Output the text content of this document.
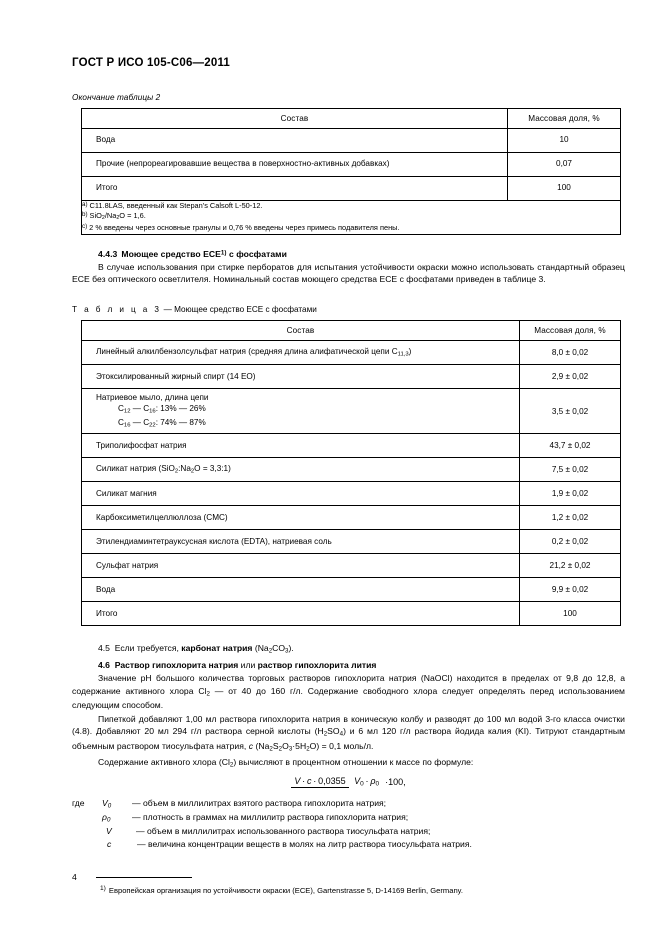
ГОСТ Р ИСО 105-C06—2011
Окончание таблицы 2
Состав	Массовая доля, %
Вода	10
Прочие (непрореагировавшие вещества в поверхностно-активных добавках)	0,07
Итого	100

$^{a)}$ C11.8LAS, введенный как Stepan's Calsoft L-50-12.
$^{b)}$ $SiO_2/Na_2O = 1,6$.
$^{c)}$ 2 % введены через основные гранулы и 0,76 % введены через примесь подавителя пены.	
4.4.3 Моющее средство ECE$^{1)}$ с фосфатами

В случае использования при стирке перборатов для испытания устойчивости окраски можно использовать стандартный образец ECE без оптического осветлителя. Номинальный состав моющего средства ECE с фосфатами приведен в таблице 3.

Т а б л и ц а 3 — Моющее средство ECE с фосфатами
Состав	Массовая доля, %
Линейный алкилбензолсульфат натрия (средняя длина алифатической цепи $C_{11,3}$)	8,0 ± 0,02
Этоксилированный жирный спирт (14 EO)	2,9 ± 0,02
Натриевое мыло, длина цепи
$C_{12}$ — $C_{16}$: 13% — 26%
$C_{16}$ — $C_{22}$: 74% — 87%	3,5 ± 0,02
Триполифосфат натрия	43,7 ± 0,02
Силикат натрия ($SiO_2:Na_2O$ = 3,3:1)	7,5 ± 0,02
Силикат магния	1,9 ± 0,02
Карбоксиметилцеллюллоза (CMC)	1,2 ± 0,02
Этилендиаминтетрауксусная кислота (EDTA), натриевая соль	0,2 ± 0,02
Сульфат натрия	21,2 ± 0,02
Вода	9,9 ± 0,02
Итого	100
4.5 Если требуется, карбонат натрия $(Na_2CO_3)$.
4.6 Раствор гипохлорита натрия или раствор гипохлорита лития

Значение pH большого количества торговых растворов гипохлорита натрия (NaOCl) находится в пределах от 9,8 до 12,8, а содержание активного хлора $Cl_2$ — от 40 до 160 г/л. Содержание свободного хлора следует определять перед использованием следующим способом.

Пипеткой добавляют 1,00 мл раствора гипохлорита натрия в коническую колбу и разводят до 100 мл водой 3-го класса очистки (4.8). Добавляют 20 мл 294 г/л раствора серной кислоты $(H_2SO_4)$ и 6 мл 120 г/л раствора йодида калия (KI). Титруют стандартным объемным раствором тиосульфата натрия, c $(Na_2S_2O_3\cdot 5H_2O) = 0,1$ моль/л.

Содержание активного хлора $(Cl_2)$ вычисляют в процентном отношении к массе по формуле:

V · c · 0,0355 $V_0 \cdot \rho_0 \cdot 100$,
где	$V_0$	— объем в миллилитрах взятого раствора гипохлорита натрия;
$\rho_0$	— плотность в граммах на миллилитр раствора гипохлорита натрия;
V	— объем в миллилитрах использованного раствора тиосульфата натрия;
c	— величина концентрации веществ в молях на литр раствора тиосульфата натрия.
$^{1)}$ Европейская организация по устойчивости окраски (ECE), Gartenstrasse 5, D-14169 Berlin, Germany.
4
